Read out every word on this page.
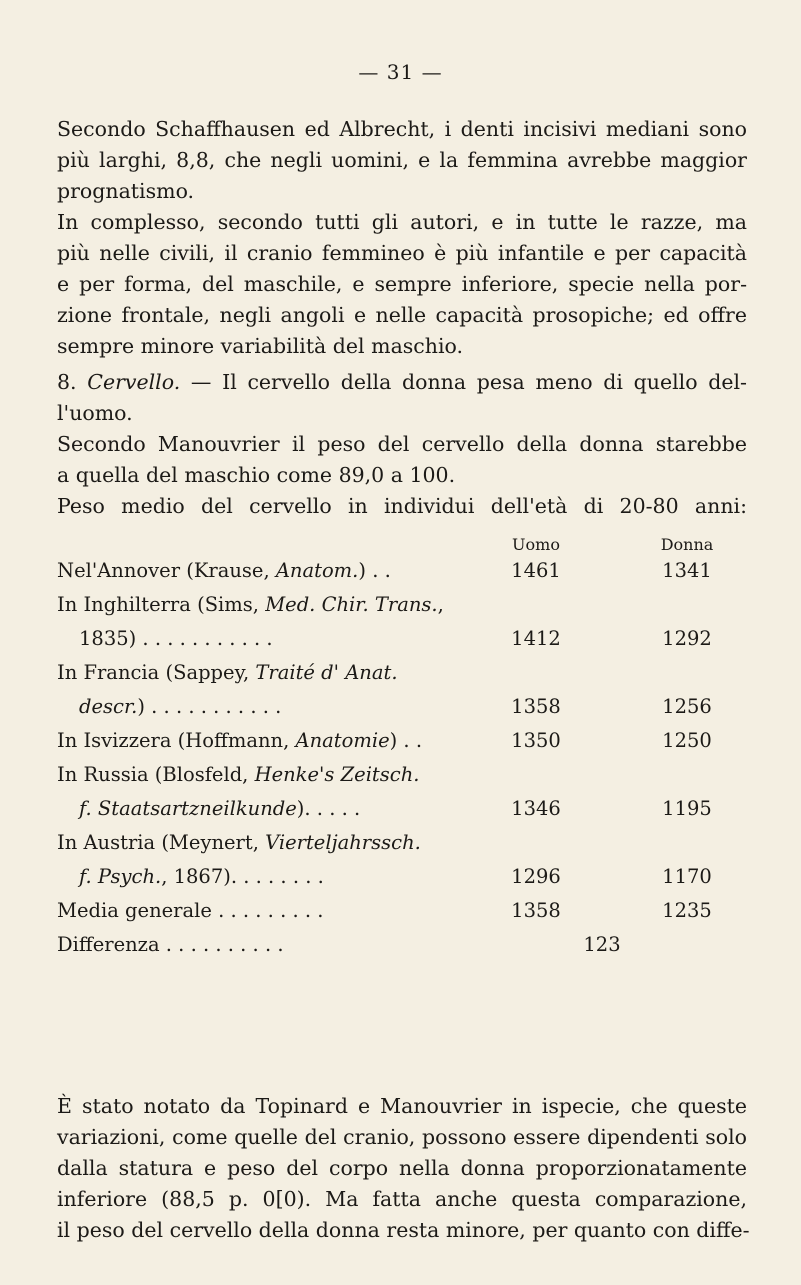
— 31 —

Secondo Schaffhausen ed Albrecht, i denti incisivi mediani sono
più larghi, 8,8, che negli uomini, e la femmina avrebbe maggior
prognatismo.

In complesso, secondo tutti gli autori, e in tutte le razze, ma
più nelle civili, il cranio femmineo è più infantile e per capacità
e per forma, del maschile, e sempre inferiore, specie nella por-
zione frontale, negli angoli e nelle capacità prosopiche; ed offre
sempre minore variabilità del maschio.

8. Cervello. — Il cervello della donna pesa meno di quello del-
l'uomo.

Secondo Manouvrier il peso del cervello della donna starebbe
a quella del maschio come 89,0 a 100.

Peso medio del cervello in individui dell'età di 20-80 anni:

Uomo	Donna
Nel'Annover (Krause, Anatom.) . .	1461	1341
In Inghilterra (Sims, Med. Chir. Trans.,
1835) . . . . . . . . . . .	1412	1292
In Francia (Sappey, Traité d' Anat.
descr.) . . . . . . . . . . .	1358	1256
In Isvizzera (Hoffmann, Anatomie) . .	1350	1250
In Russia (Blosfeld, Henke's Zeitsch.
f. Staatsartzneilkunde). . . . .	1346	1195
In Austria (Meynert, Vierteljahrssch.
f. Psych., 1867). . . . . . . .	1296	1170
Media generale . . . . . . . . .	1358	1235
Differenza . . . . . . . . . .	123

È stato notato da Topinard e Manouvrier in ispecie, che queste
variazioni, come quelle del cranio, possono essere dipendenti solo
dalla statura e peso del corpo nella donna proporzionatamente
inferiore (88,5 p. 0[0). Ma fatta anche questa comparazione,
il peso del cervello della donna resta minore, per quanto con diffe-
